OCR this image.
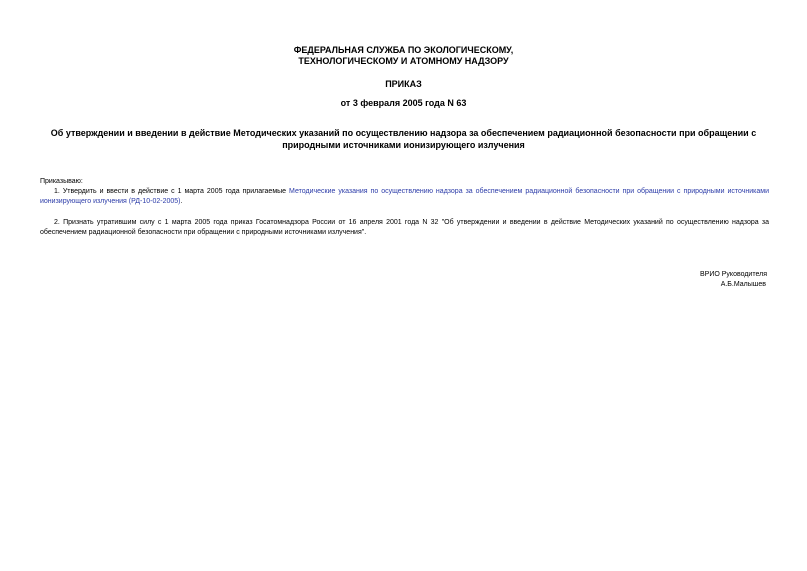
ФЕДЕРАЛЬНАЯ СЛУЖБА ПО ЭКОЛОГИЧЕСКОМУ,
ТЕХНОЛОГИЧЕСКОМУ И АТОМНОМУ НАДЗОРУ
ПРИКАЗ
от 3 февраля 2005 года N 63
Об утверждении и введении в действие Методических указаний по осуществлению надзора за обеспечением радиационной безопасности при обращении с природными источниками ионизирующего излучения
Приказываю:
1. Утвердить и ввести в действие с 1 марта 2005 года прилагаемые Методические указания по осуществлению надзора за обеспечением радиационной безопасности при обращении с природными источниками ионизирующего излучения (РД-10-02-2005).
2. Признать утратившим силу с 1 марта 2005 года приказ Госатомнадзора России от 16 апреля 2001 года N 32 "Об утверждении и введении в действие Методических указаний по осуществлению надзора за обеспечением радиационной безопасности при обращении с природными источниками излучения".
ВРИО Руководителя
А.Б.Малышев
